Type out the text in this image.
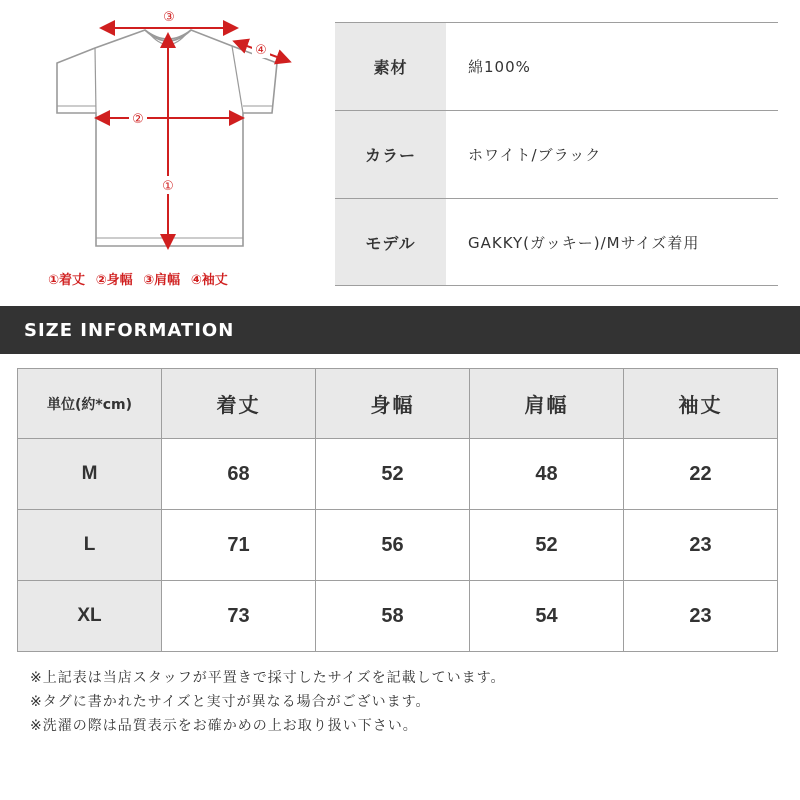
③
②
①
④
①着丈 ②身幅 ③肩幅 ④袖丈
素材	綿100%
カラー	ホワイト/ブラック
モデル	GAKKY(ガッキー)/Mサイズ着用
SIZE INFORMATION
単位(約*cm)	着丈	身幅	肩幅	袖丈
M	68	52	48	22
L	71	56	52	23
XL	73	58	54	23
※上記表は当店スタッフが平置きで採寸したサイズを記載しています。
※タグに書かれたサイズと実寸が異なる場合がございます。
※洗濯の際は品質表示をお確かめの上お取り扱い下さい。
